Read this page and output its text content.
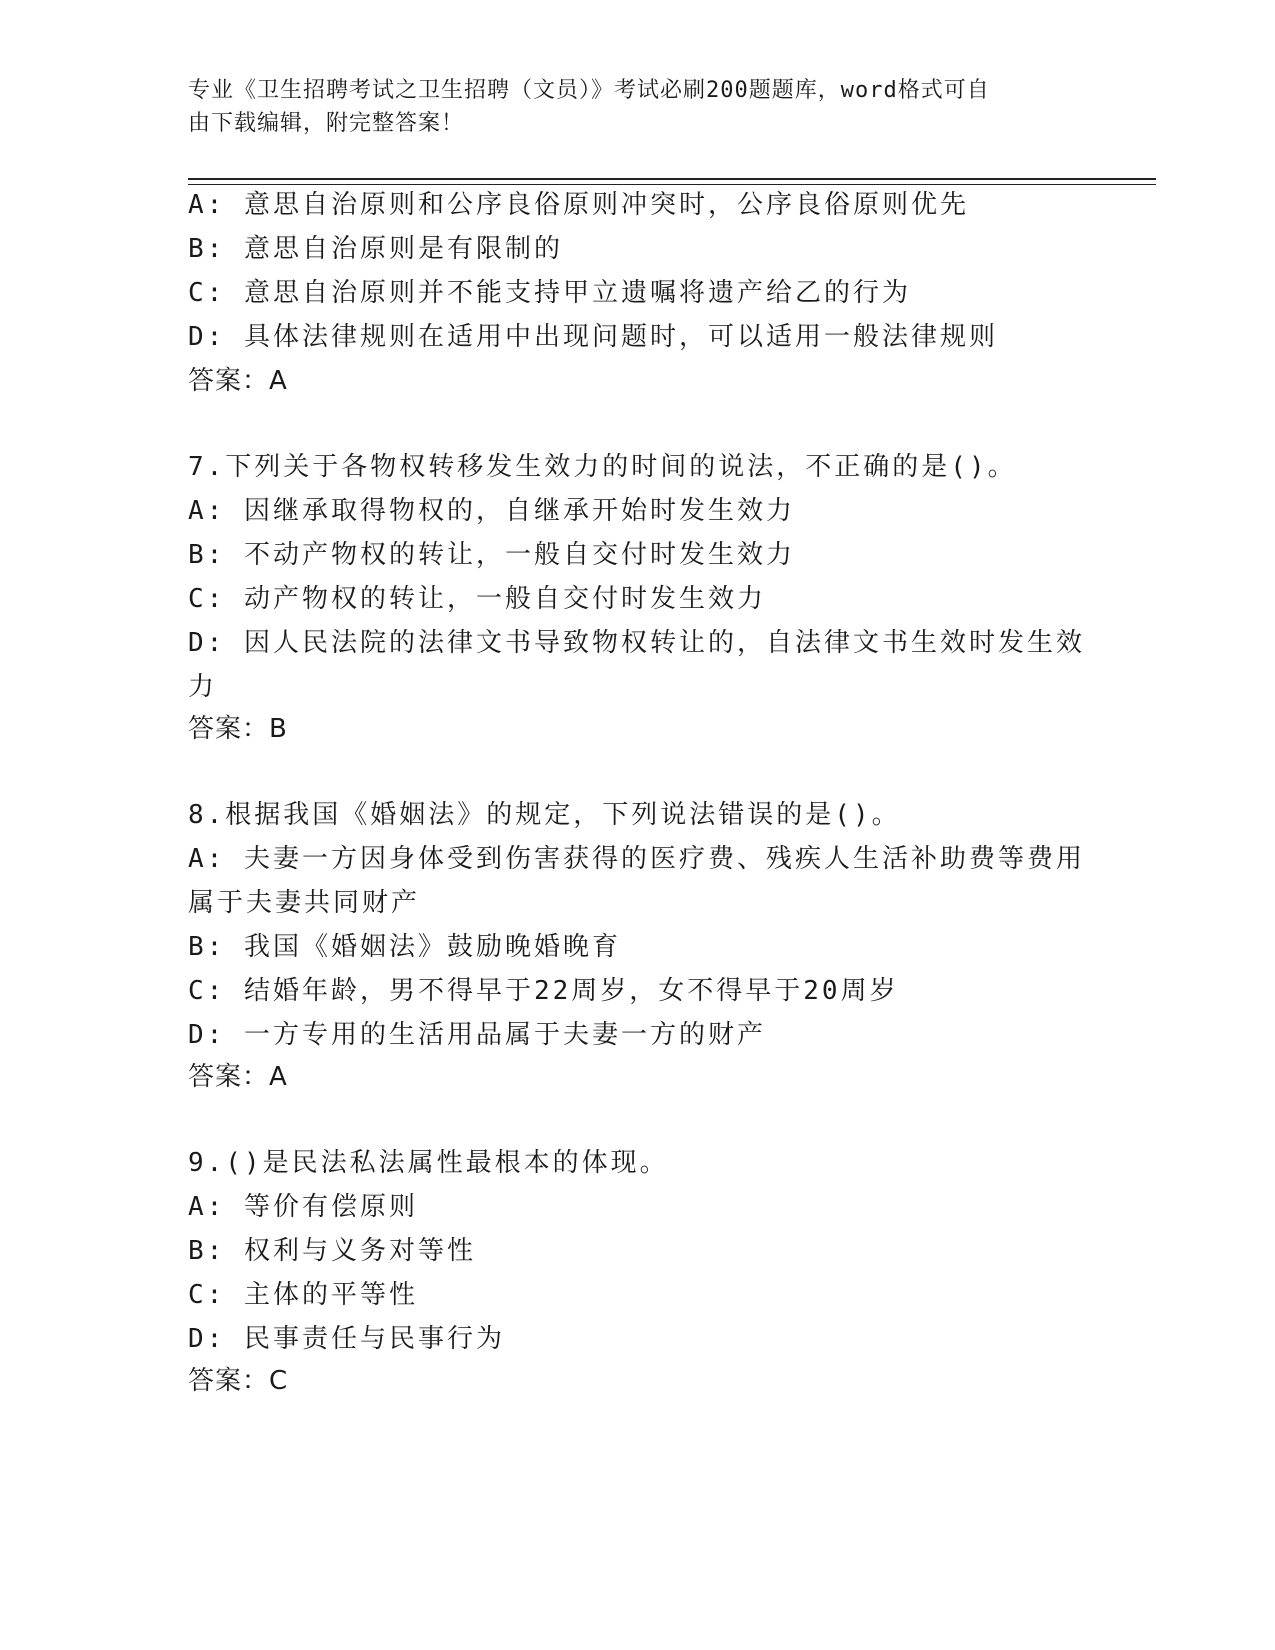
专业《卫生招聘考试之卫生招聘（文员）》考试必刷200题题库，word格式可自
由下载编辑，附完整答案！
A: 意思自治原则和公序良俗原则冲突时，公序良俗原则优先
B: 意思自治原则是有限制的
C: 意思自治原则并不能支持甲立遗嘱将遗产给乙的行为
D: 具体法律规则在适用中出现问题时，可以适用一般法律规则
答案：A
7.下列关于各物权转移发生效力的时间的说法，不正确的是()。
A: 因继承取得物权的，自继承开始时发生效力
B: 不动产物权的转让，一般自交付时发生效力
C: 动产物权的转让，一般自交付时发生效力
D: 因人民法院的法律文书导致物权转让的，自法律文书生效时发生效
力
答案：B
8.根据我国《婚姻法》的规定，下列说法错误的是()。
A: 夫妻一方因身体受到伤害获得的医疗费、残疾人生活补助费等费用
属于夫妻共同财产
B: 我国《婚姻法》鼓励晚婚晚育
C: 结婚年龄，男不得早于22周岁，女不得早于20周岁
D: 一方专用的生活用品属于夫妻一方的财产
答案：A
9.()是民法私法属性最根本的体现。
A: 等价有偿原则
B: 权利与义务对等性
C: 主体的平等性
D: 民事责任与民事行为
答案：C
